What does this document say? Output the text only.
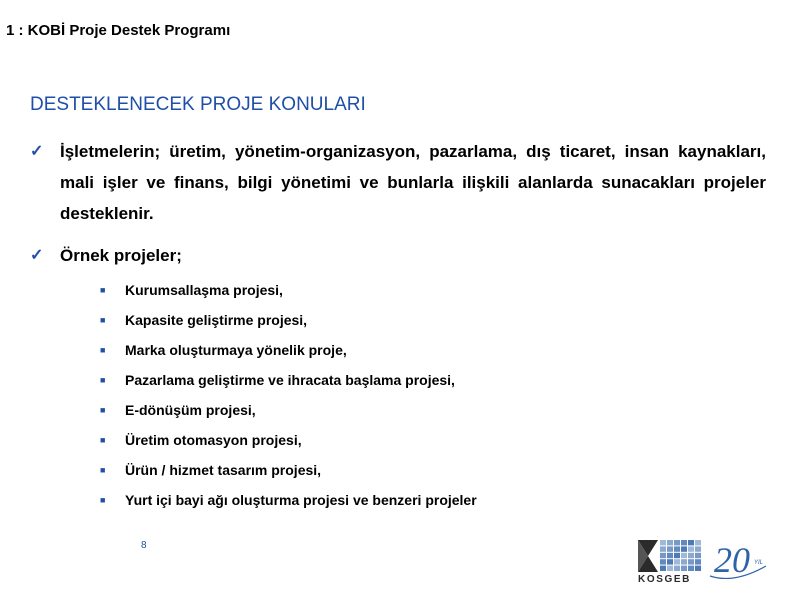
1 : KOBİ Proje Destek Programı
DESTEKLENECEK PROJE KONULARI
✓ İşletmelerin; üretim, yönetim-organizasyon, pazarlama, dış ticaret, insan kaynakları, mali işler ve finans, bilgi yönetimi ve bunlarla ilişkili alanlarda sunacakları projeler desteklenir.
✓ Örnek projeler;
■ Kurumsallaşma projesi,
■ Kapasite geliştirme projesi,
■ Marka oluşturmaya yönelik proje,
■ Pazarlama geliştirme ve ihracata başlama projesi,
■ E-dönüşüm projesi,
■ Üretim otomasyon projesi,
■ Ürün / hizmet tasarım projesi,
■ Yurt içi bayi ağı oluşturma projesi ve benzeri projeler
8
KOSGEB 20 YIL
